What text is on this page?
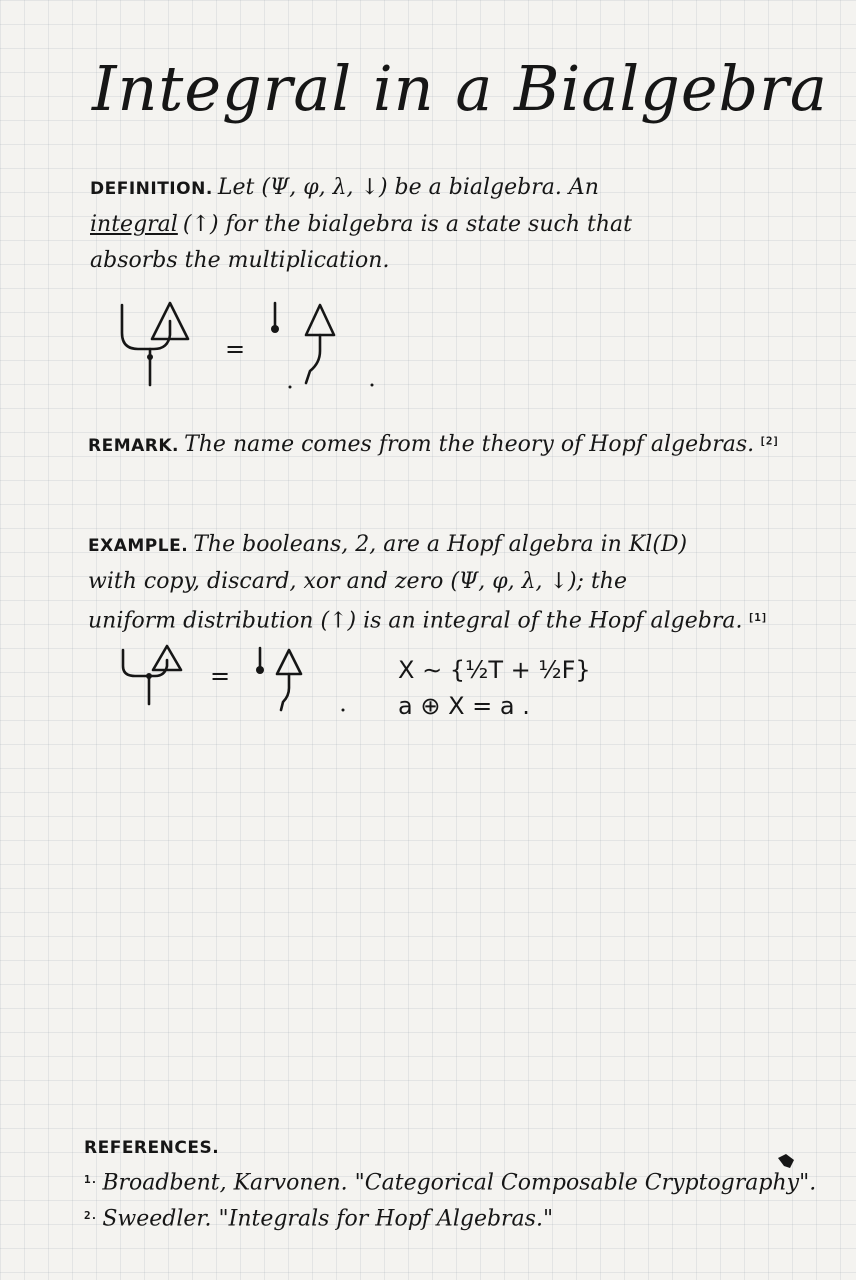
Integral in a Bialgebra
DEFINITION. Let (Ψ, φ, λ, ↓) be a bialgebra. An
integral (↑) for the bialgebra is a state such that
absorbs the multiplication.
=
REMARK. The name comes from the theory of Hopf algebras. [2]
EXAMPLE. The booleans, 2, are a Hopf algebra in Kl(D)
with copy, discard, xor and zero (Ψ, φ, λ, ↓); the
uniform distribution (↑) is an integral of the Hopf algebra. [1]
=	X ∼ {½T + ½F}
a ⊕ X = a .
REFERENCES.
$^{1.}$ Broadbent, Karvonen. "Categorical Composable Cryptography".
$^{2.}$ Sweedler. "Integrals for Hopf Algebras."
